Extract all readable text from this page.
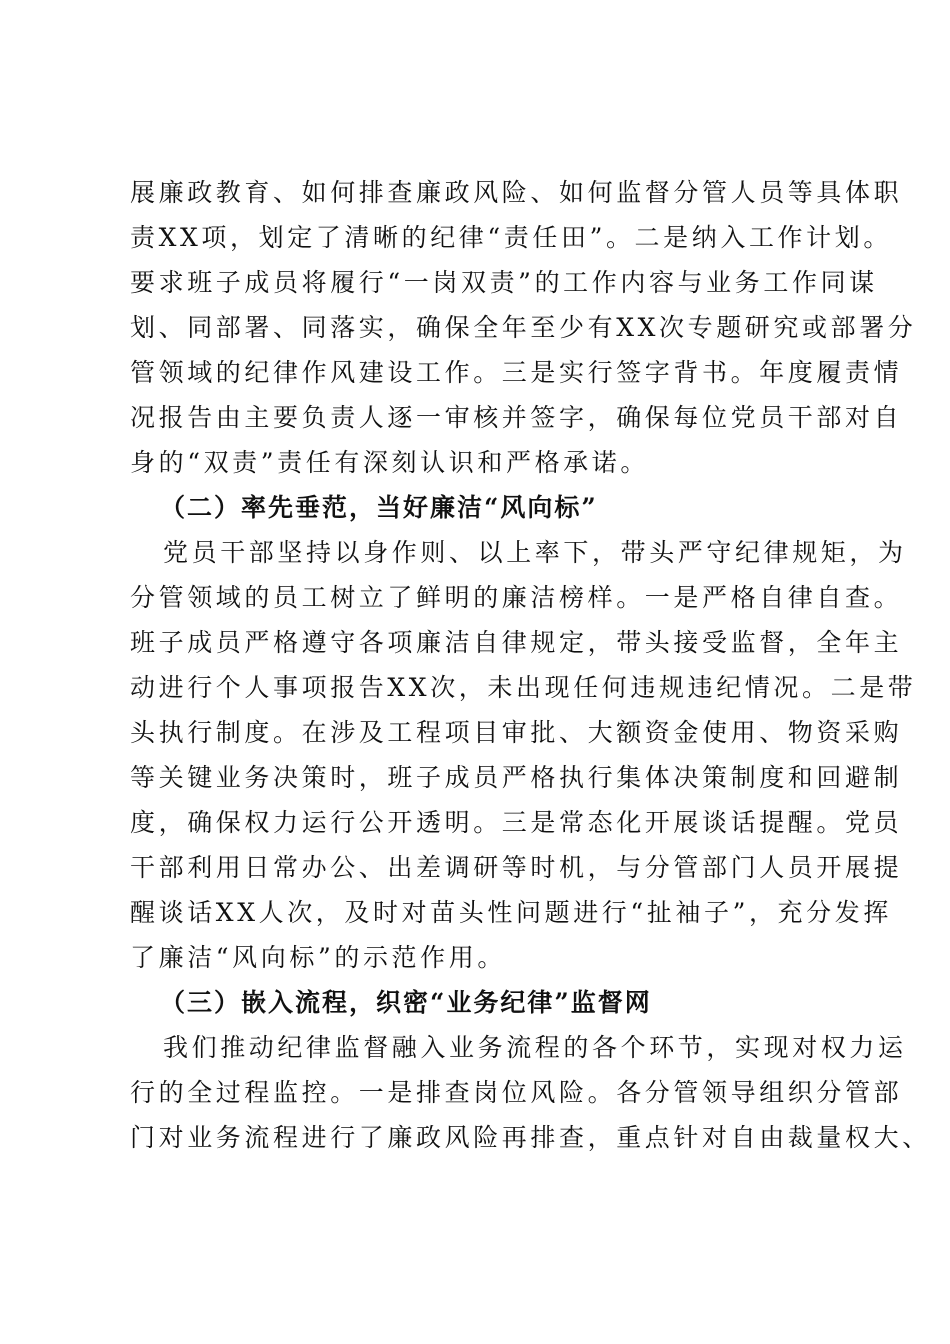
展廉政教育、如何排查廉政风险、如何监督分管人员等具体职
责XX项，划定了清晰的纪律“责任田”。二是纳入工作计划。
要求班子成员将履行“一岗双责”的工作内容与业务工作同谋
划、同部署、同落实，确保全年至少有XX次专题研究或部署分
管领域的纪律作风建设工作。三是实行签字背书。年度履责情
况报告由主要负责人逐一审核并签字，确保每位党员干部对自
身的“双责”责任有深刻认识和严格承诺。
（二）率先垂范，当好廉洁“风向标”
党员干部坚持以身作则、以上率下，带头严守纪律规矩，为
分管领域的员工树立了鲜明的廉洁榜样。一是严格自律自查。
班子成员严格遵守各项廉洁自律规定，带头接受监督，全年主
动进行个人事项报告XX次，未出现任何违规违纪情况。二是带
头执行制度。在涉及工程项目审批、大额资金使用、物资采购
等关键业务决策时，班子成员严格执行集体决策制度和回避制
度，确保权力运行公开透明。三是常态化开展谈话提醒。党员
干部利用日常办公、出差调研等时机，与分管部门人员开展提
醒谈话XX人次，及时对苗头性问题进行“扯袖子”，充分发挥
了廉洁“风向标”的示范作用。
（三）嵌入流程，织密“业务纪律”监督网
我们推动纪律监督融入业务流程的各个环节，实现对权力运
行的全过程监控。一是排查岗位风险。各分管领导组织分管部
门对业务流程进行了廉政风险再排查，重点针对自由裁量权大、
